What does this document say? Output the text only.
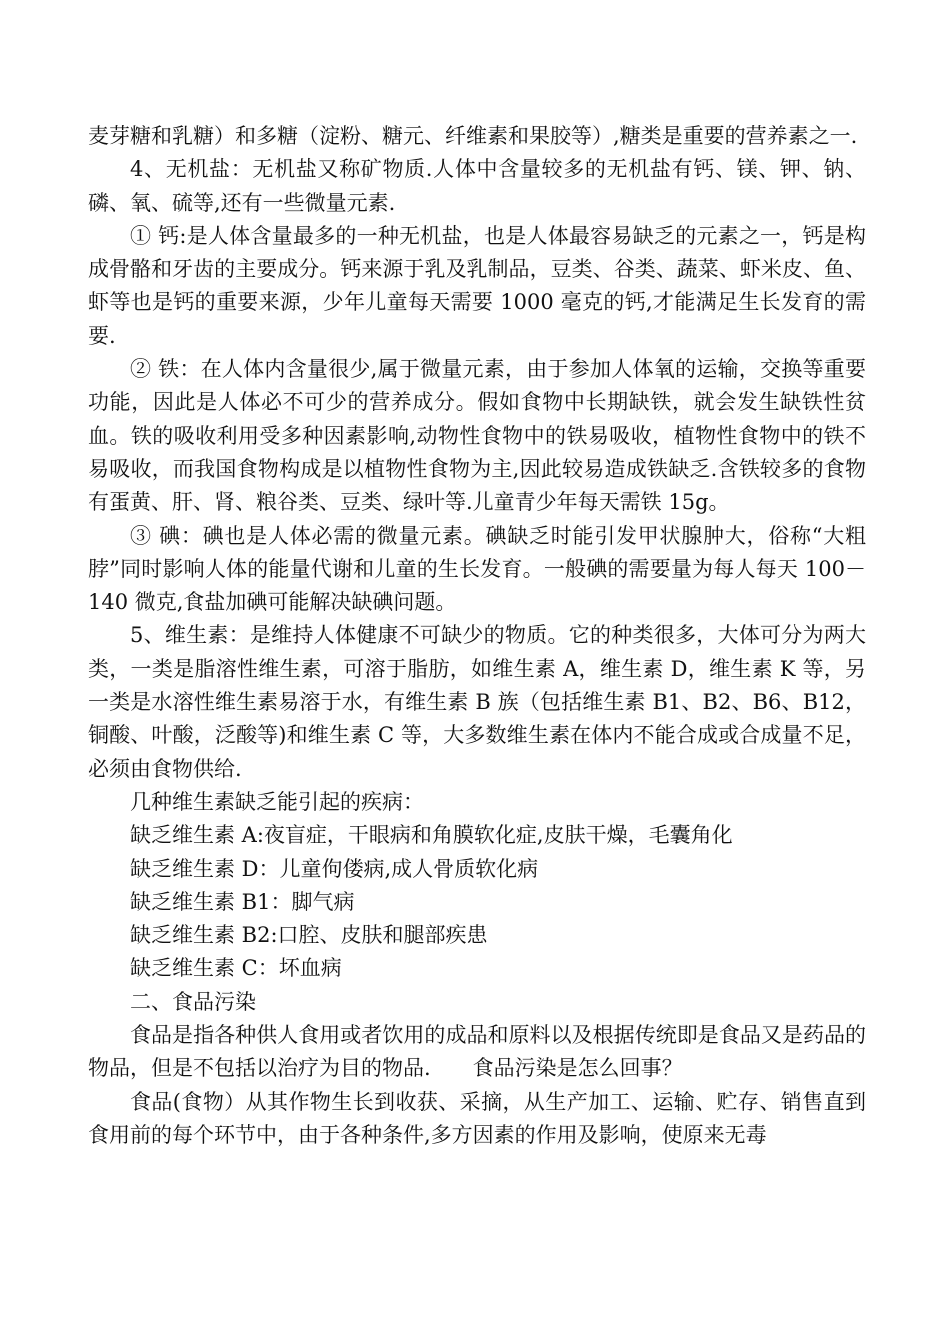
麦芽糖和乳糖）和多糖（淀粉、糖元、纤维素和果胶等）,糖类是重要的营养素之一.

4、无机盐：无机盐又称矿物质.人体中含量较多的无机盐有钙、镁、钾、钠、磷、氧、硫等,还有一些微量元素.

① 钙:是人体含量最多的一种无机盐，也是人体最容易缺乏的元素之一，钙是构成骨骼和牙齿的主要成分。钙来源于乳及乳制品，豆类、谷类、蔬菜、虾米皮、鱼、虾等也是钙的重要来源，少年儿童每天需要 1000 毫克的钙,才能满足生长发育的需要.

② 铁：在人体内含量很少,属于微量元素，由于参加人体氧的运输，交换等重要功能，因此是人体必不可少的营养成分。假如食物中长期缺铁，就会发生缺铁性贫血。铁的吸收利用受多种因素影响,动物性食物中的铁易吸收，植物性食物中的铁不易吸收，而我国食物构成是以植物性食物为主,因此较易造成铁缺乏.含铁较多的食物有蛋黄、肝、肾、粮谷类、豆类、绿叶等.儿童青少年每天需铁 15g。

③ 碘：碘也是人体必需的微量元素。碘缺乏时能引发甲状腺肿大，俗称“大粗脖”同时影响人体的能量代谢和儿童的生长发育。一般碘的需要量为每人每天 100－140 微克,食盐加碘可能解决缺碘问题。

5、维生素：是维持人体健康不可缺少的物质。它的种类很多，大体可分为两大类，一类是脂溶性维生素，可溶于脂肪，如维生素 A，维生素 D，维生素 K 等，另一类是水溶性维生素易溶于水，有维生素 B 族（包括维生素 B1、B2、B6、B12，铜酸、叶酸，泛酸等)和维生素 C 等，大多数维生素在体内不能合成或合成量不足，必须由食物供给.

几种维生素缺乏能引起的疾病：
缺乏维生素 A:夜盲症，干眼病和角膜软化症,皮肤干燥，毛囊角化
缺乏维生素 D：儿童佝偻病,成人骨质软化病
缺乏维生素 B1：脚气病
缺乏维生素 B2:口腔、皮肤和腿部疾患
缺乏维生素 C：坏血病
二、食品污染

食品是指各种供人食用或者饮用的成品和原料以及根据传统即是食品又是药品的物品，但是不包括以治疗为目的物品.　　食品污染是怎么回事？

食品(食物）从其作物生长到收获、采摘，从生产加工、运输、贮存、销售直到食用前的每个环节中，由于各种条件,多方因素的作用及影响，使原来无毒
